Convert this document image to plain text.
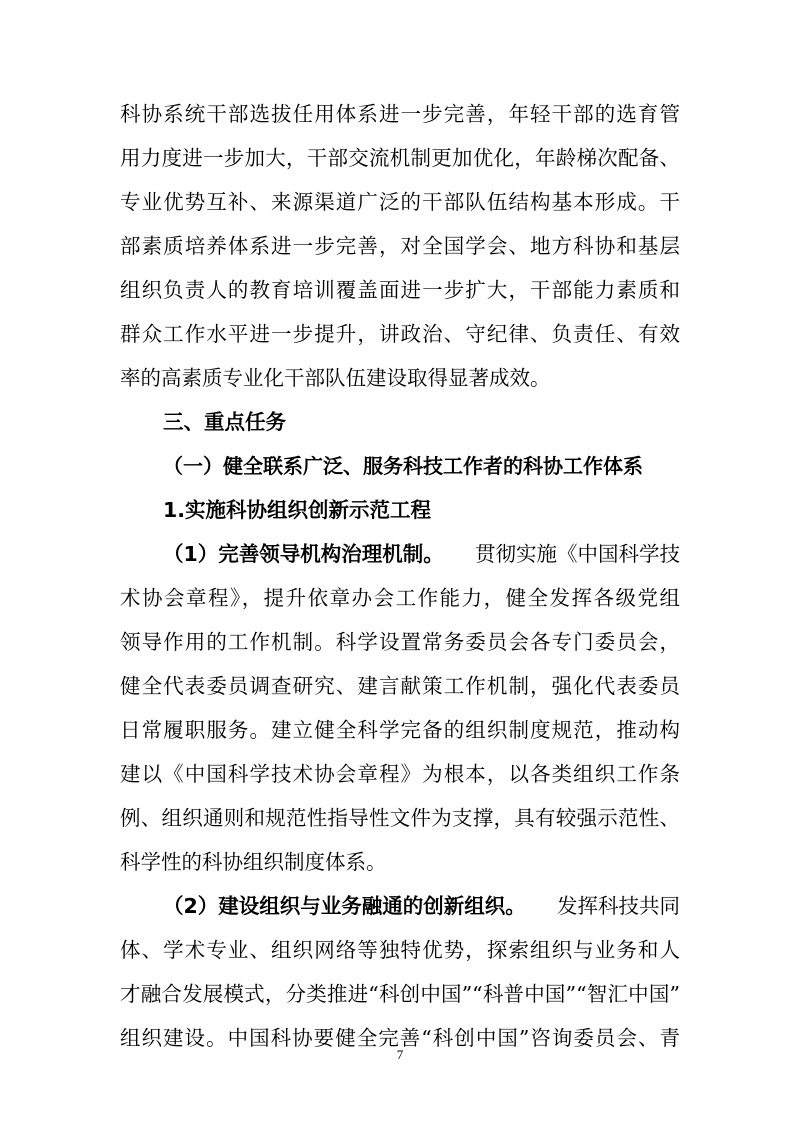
科协系统干部选拔任用体系进一步完善，年轻干部的选育管
用力度进一步加大，干部交流机制更加优化，年龄梯次配备、
专业优势互补、来源渠道广泛的干部队伍结构基本形成。干
部素质培养体系进一步完善，对全国学会、地方科协和基层
组织负责人的教育培训覆盖面进一步扩大，干部能力素质和
群众工作水平进一步提升，讲政治、守纪律、负责任、有效
率的高素质专业化干部队伍建设取得显著成效。
三、重点任务
（一）健全联系广泛、服务科技工作者的科协工作体系
1.实施科协组织创新示范工程
（1）完善领导机构治理机制。 贯彻实施《中国科学技
术协会章程》，提升依章办会工作能力，健全发挥各级党组
领导作用的工作机制。科学设置常务委员会各专门委员会，
健全代表委员调查研究、建言献策工作机制，强化代表委员
日常履职服务。建立健全科学完备的组织制度规范，推动构
建以《中国科学技术协会章程》为根本，以各类组织工作条
例、组织通则和规范性指导性文件为支撑，具有较强示范性、
科学性的科协组织制度体系。
（2）建设组织与业务融通的创新组织。 发挥科技共同
体、学术专业、组织网络等独特优势，探索组织与业务和人
才融合发展模式，分类推进“科创中国”“科普中国”“智汇中国”
组织建设。中国科协要健全完善“科创中国”咨询委员会、青
7
